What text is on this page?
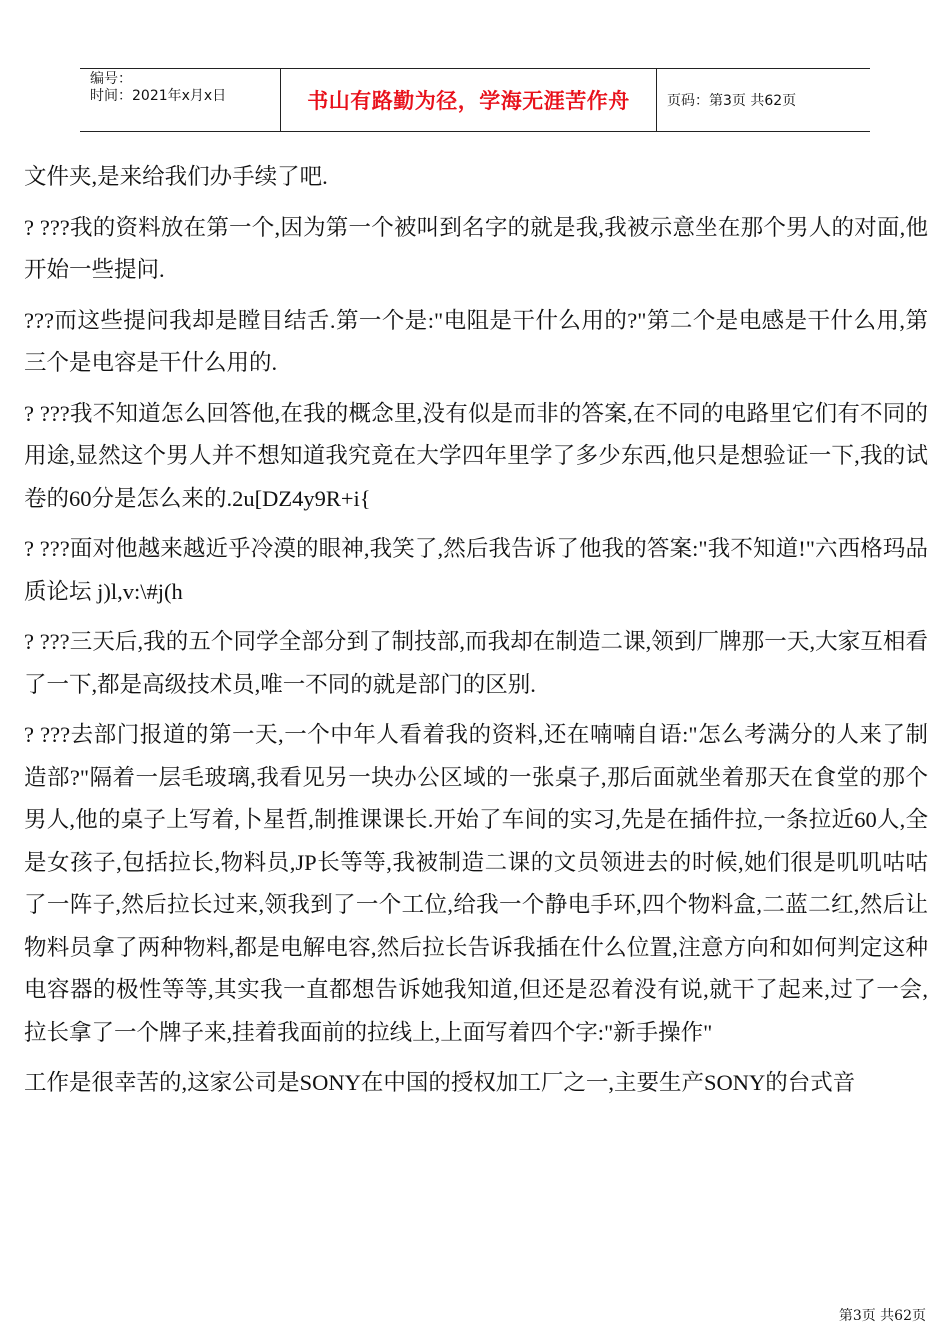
编号：
时间：2021年x月x日	书山有路勤为径，学海无涯苦作舟	页码：第3页 共62页

文件夹,是来给我们办手续了吧.

? ???我的资料放在第一个,因为第一个被叫到名字的就是我,我被示意坐在那个男人的对面,他开始一些提问.

???而这些提问我却是瞠目结舌.第一个是:"电阻是干什么用的?"第二个是电感是干什么用,第三个是电容是干什么用的.

? ???我不知道怎么回答他,在我的概念里,没有似是而非的答案,在不同的电路里它们有不同的用途,显然这个男人并不想知道我究竟在大学四年里学了多少东西,他只是想验证一下,我的试卷的60分是怎么来的.2u[DZ4y9R+i{

? ???面对他越来越近乎冷漠的眼神,我笑了,然后我告诉了他我的答案:"我不知道!"六西格玛品质论坛 j)l,v:\#j(h

? ???三天后,我的五个同学全部分到了制技部,而我却在制造二课,领到厂牌那一天,大家互相看了一下,都是高级技术员,唯一不同的就是部门的区别.

? ???去部门报道的第一天,一个中年人看着我的资料,还在喃喃自语:"怎么考满分的人来了制造部?"隔着一层毛玻璃,我看见另一块办公区域的一张桌子,那后面就坐着那天在食堂的那个男人,他的桌子上写着,卜星哲,制推课课长.开始了车间的实习,先是在插件拉,一条拉近60人,全是女孩子,包括拉长,物料员,JP长等等,我被制造二课的文员领进去的时候,她们很是叽叽咕咕了一阵子,然后拉长过来,领我到了一个工位,给我一个静电手环,四个物料盒,二蓝二红,然后让物料员拿了两种物料,都是电解电容,然后拉长告诉我插在什么位置,注意方向和如何判定这种电容器的极性等等,其实我一直都想告诉她我知道,但还是忍着没有说,就干了起来,过了一会,拉长拿了一个牌子来,挂着我面前的拉线上,上面写着四个字:"新手操作"

工作是很幸苦的,这家公司是SONY在中国的授权加工厂之一,主要生产SONY的台式音

第3页 共62页
